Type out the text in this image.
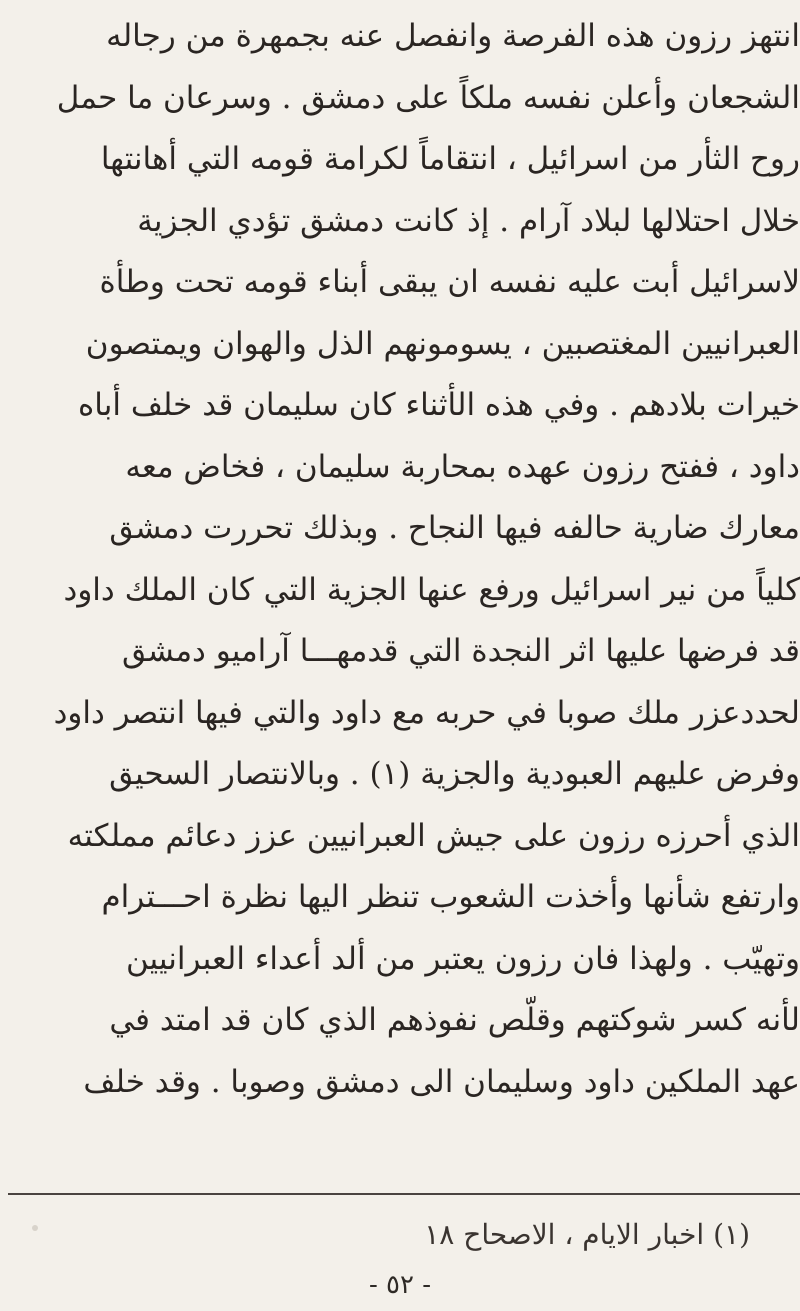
انتهز رزون هذه الفرصة وانفصل عنه بجمهرة من رجاله
الشجعان وأعلن نفسه ملكاً على دمشق . وسرعان ما حمل
روح الثأر من اسرائيل ، انتقاماً لكرامة قومه التي أهانتها
خلال احتلالها لبلاد آرام . إذ كانت دمشق تؤدي الجزية
لاسرائيل أبت عليه نفسه ان يبقى أبناء قومه تحت وطأة
العبرانيين المغتصبين ، يسومونهم الذل والهوان ويمتصون
خيرات بلادهم . وفي هذه الأثناء كان سليمان قد خلف أباه
داود ، ففتح رزون عهده بمحاربة سليمان ، فخاض معه
معارك ضارية حالفه فيها النجاح . وبذلك تحررت دمشق
كلياً من نير اسرائيل ورفع عنها الجزية التي كان الملك داود
قد فرضها عليها اثر النجدة التي قدمهـــا آراميو دمشق
لحددعزر ملك صوبا في حربه مع داود والتي فيها انتصر داود
وفرض عليهم العبودية والجزية (١) . وبالانتصار السحيق
الذي أحرزه رزون على جيش العبرانيين عزز دعائم مملكته
وارتفع شأنها وأخذت الشعوب تنظر اليها نظرة احـــترام
وتهيّب . ولهذا فان رزون يعتبر من ألد أعداء العبرانيين
لأنه كسر شوكتهم وقلّص نفوذهم الذي كان قد امتد في
عهد الملكين داود وسليمان الى دمشق وصوبا . وقد خلف
(١) اخبار الايام ، الاصحاح ١٨
- ٥٢ -
